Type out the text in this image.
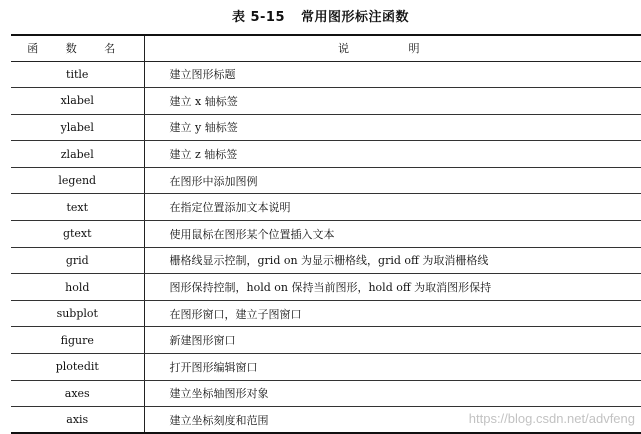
表 5-15 常用图形标注函数
函 数 名	说 明
title	建立图形标题
xlabel	建立 x 轴标签
ylabel	建立 y 轴标签
zlabel	建立 z 轴标签
legend	在图形中添加图例
text	在指定位置添加文本说明
gtext	使用鼠标在图形某个位置插入文本
grid	栅格线显示控制，grid on 为显示栅格线，grid off 为取消栅格线
hold	图形保持控制，hold on 保持当前图形，hold off 为取消图形保持
subplot	在图形窗口，建立子图窗口
figure	新建图形窗口
plotedit	打开图形编辑窗口
axes	建立坐标轴图形对象
axis	建立坐标刻度和范围	https://blog.csdn.net/advfeng
